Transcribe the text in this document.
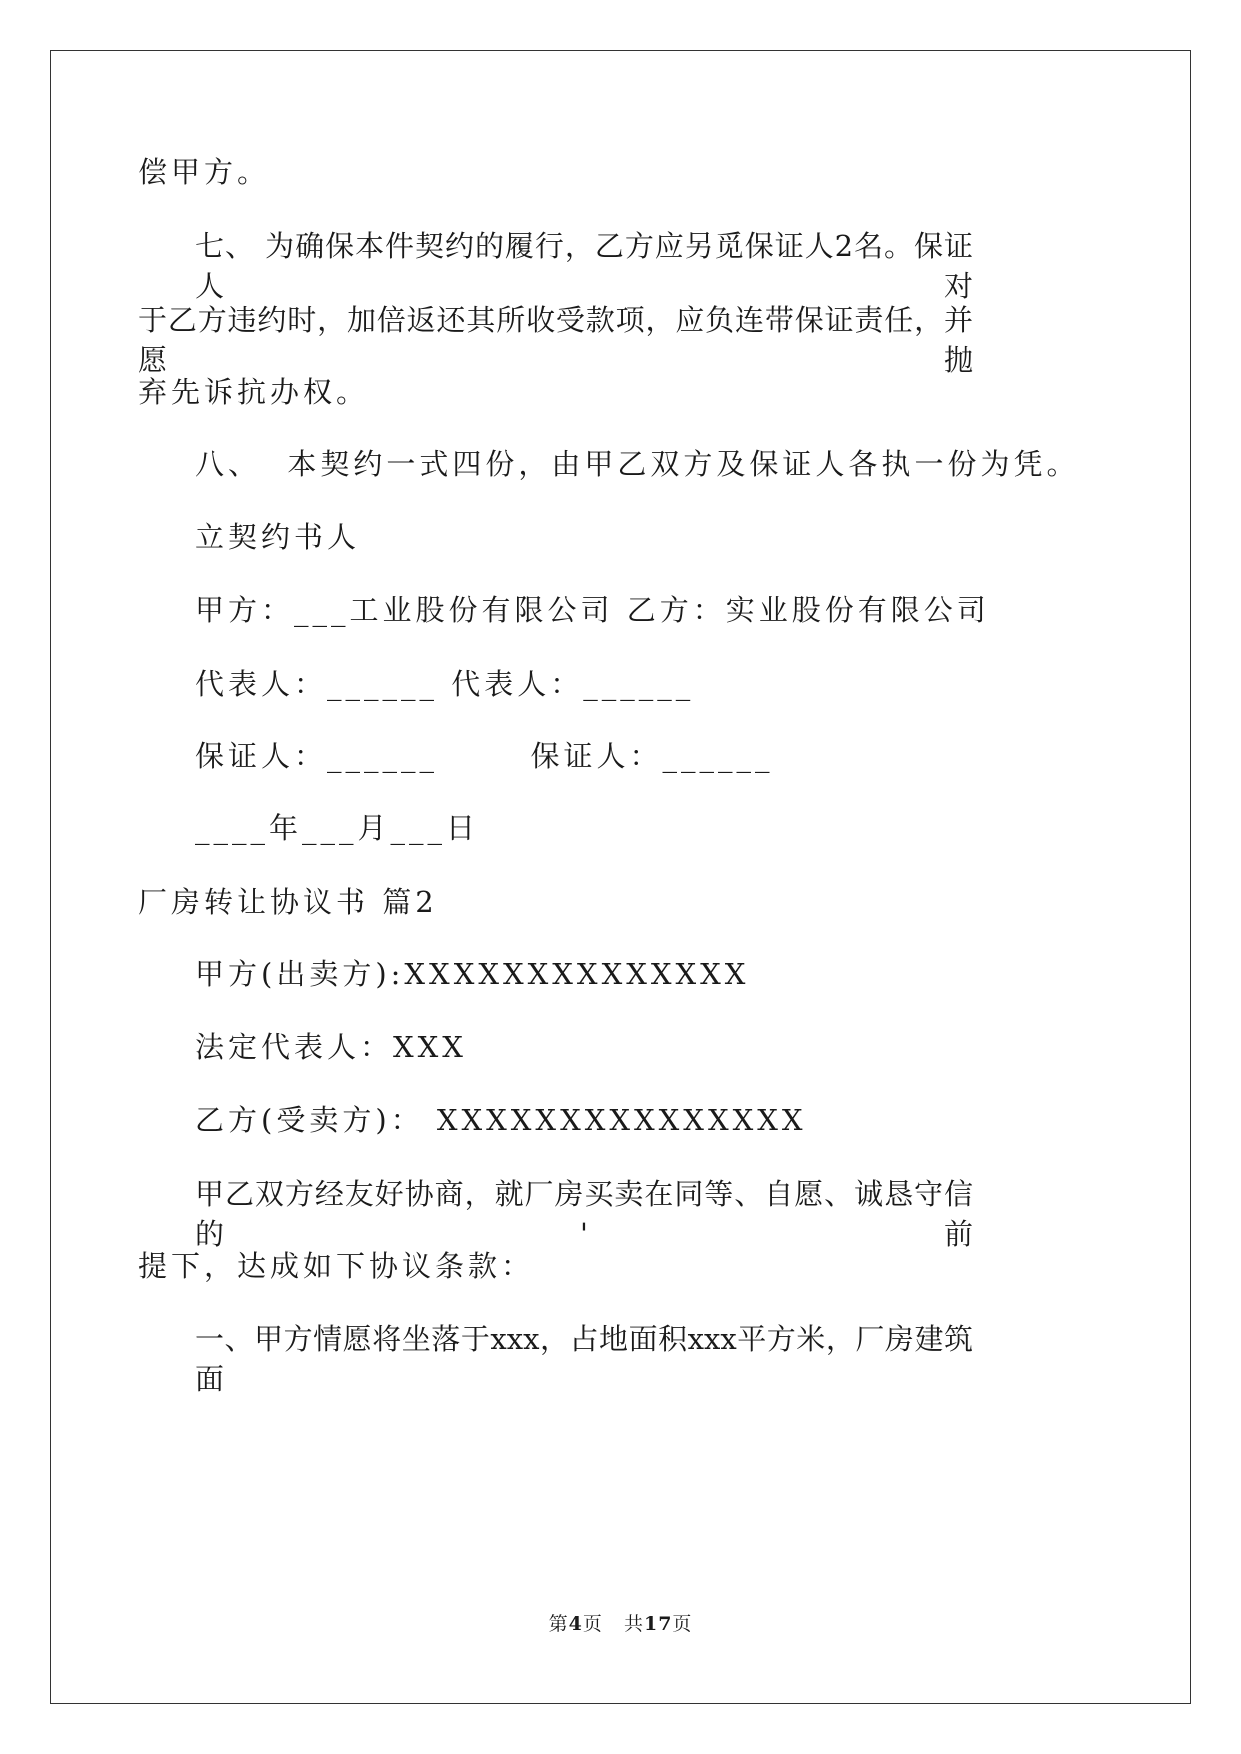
偿甲方。
七、 为确保本件契约的履行，乙方应另觅保证人2名。保证人对
于乙方违约时，加倍返还其所收受款项，应负连带保证责任，并愿抛
弃先诉抗办权。
八、  本契约一式四份，由甲乙双方及保证人各执一份为凭。
立契约书人
甲方：___工业股份有限公司 乙方：实业股份有限公司
代表人：______ 代表人：______
保证人：______       保证人：______
____年___月___日
厂房转让协议书 篇2
甲方(出卖方):XXXXXXXXXXXXXX
法定代表人：XXX
乙方(受卖方)： XXXXXXXXXXXXXXX
甲乙双方经友好协商，就厂房买卖在同等、自愿、诚恳守信的'前
提下，达成如下协议条款：
一、甲方情愿将坐落于xxx，占地面积xxx平方米，厂房建筑面
第4页 共17页
